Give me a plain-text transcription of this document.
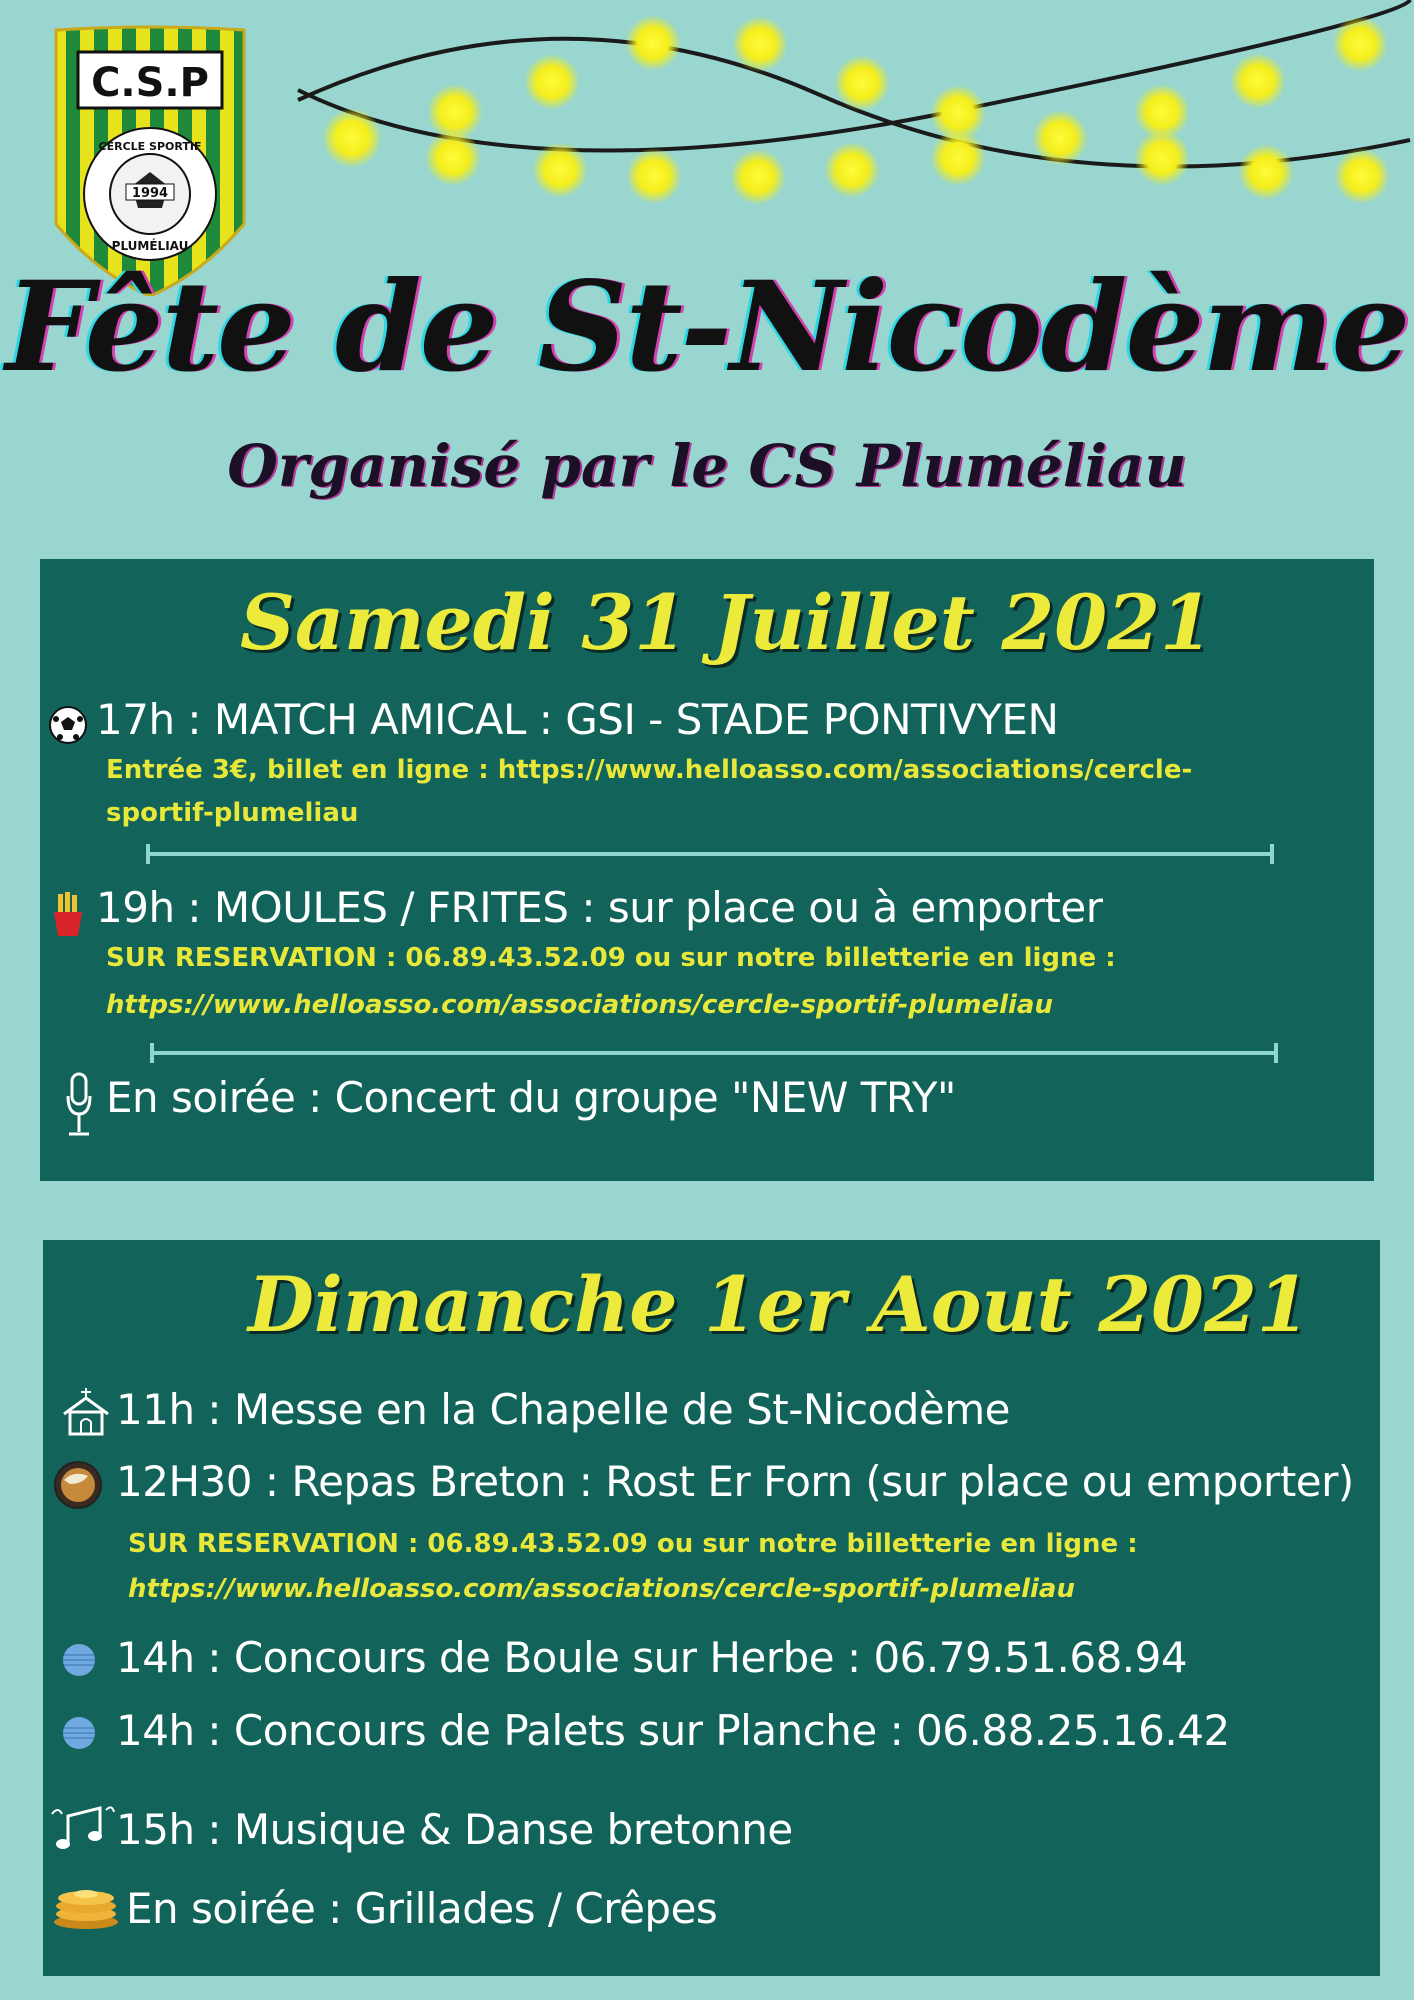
C.S.P
1994
CERCLE SPORTIF
PLUMÉLIAU
Fête de St-Nicodème
Organisé par le CS Pluméliau
Samedi 31 Juillet 2021
17h : MATCH AMICAL : GSI - STADE PONTIVYEN
Entrée 3€, billet en ligne : https://www.helloasso.com/associations/cercle-
sportif-plumeliau
19h : MOULES / FRITES : sur place ou à emporter
SUR RESERVATION : 06.89.43.52.09 ou sur notre billetterie en ligne :
https://www.helloasso.com/associations/cercle-sportif-plumeliau
En soirée : Concert du groupe "NEW TRY"
Dimanche 1er Aout 2021
11h : Messe en la Chapelle de St-Nicodème
12H30 : Repas Breton : Rost Er Forn (sur place ou emporter)
SUR RESERVATION : 06.89.43.52.09 ou sur notre billetterie en ligne :
https://www.helloasso.com/associations/cercle-sportif-plumeliau
14h : Concours de Boule sur Herbe : 06.79.51.68.94
14h : Concours de Palets sur Planche : 06.88.25.16.42
15h : Musique & Danse bretonne
En soirée : Grillades / Crêpes
